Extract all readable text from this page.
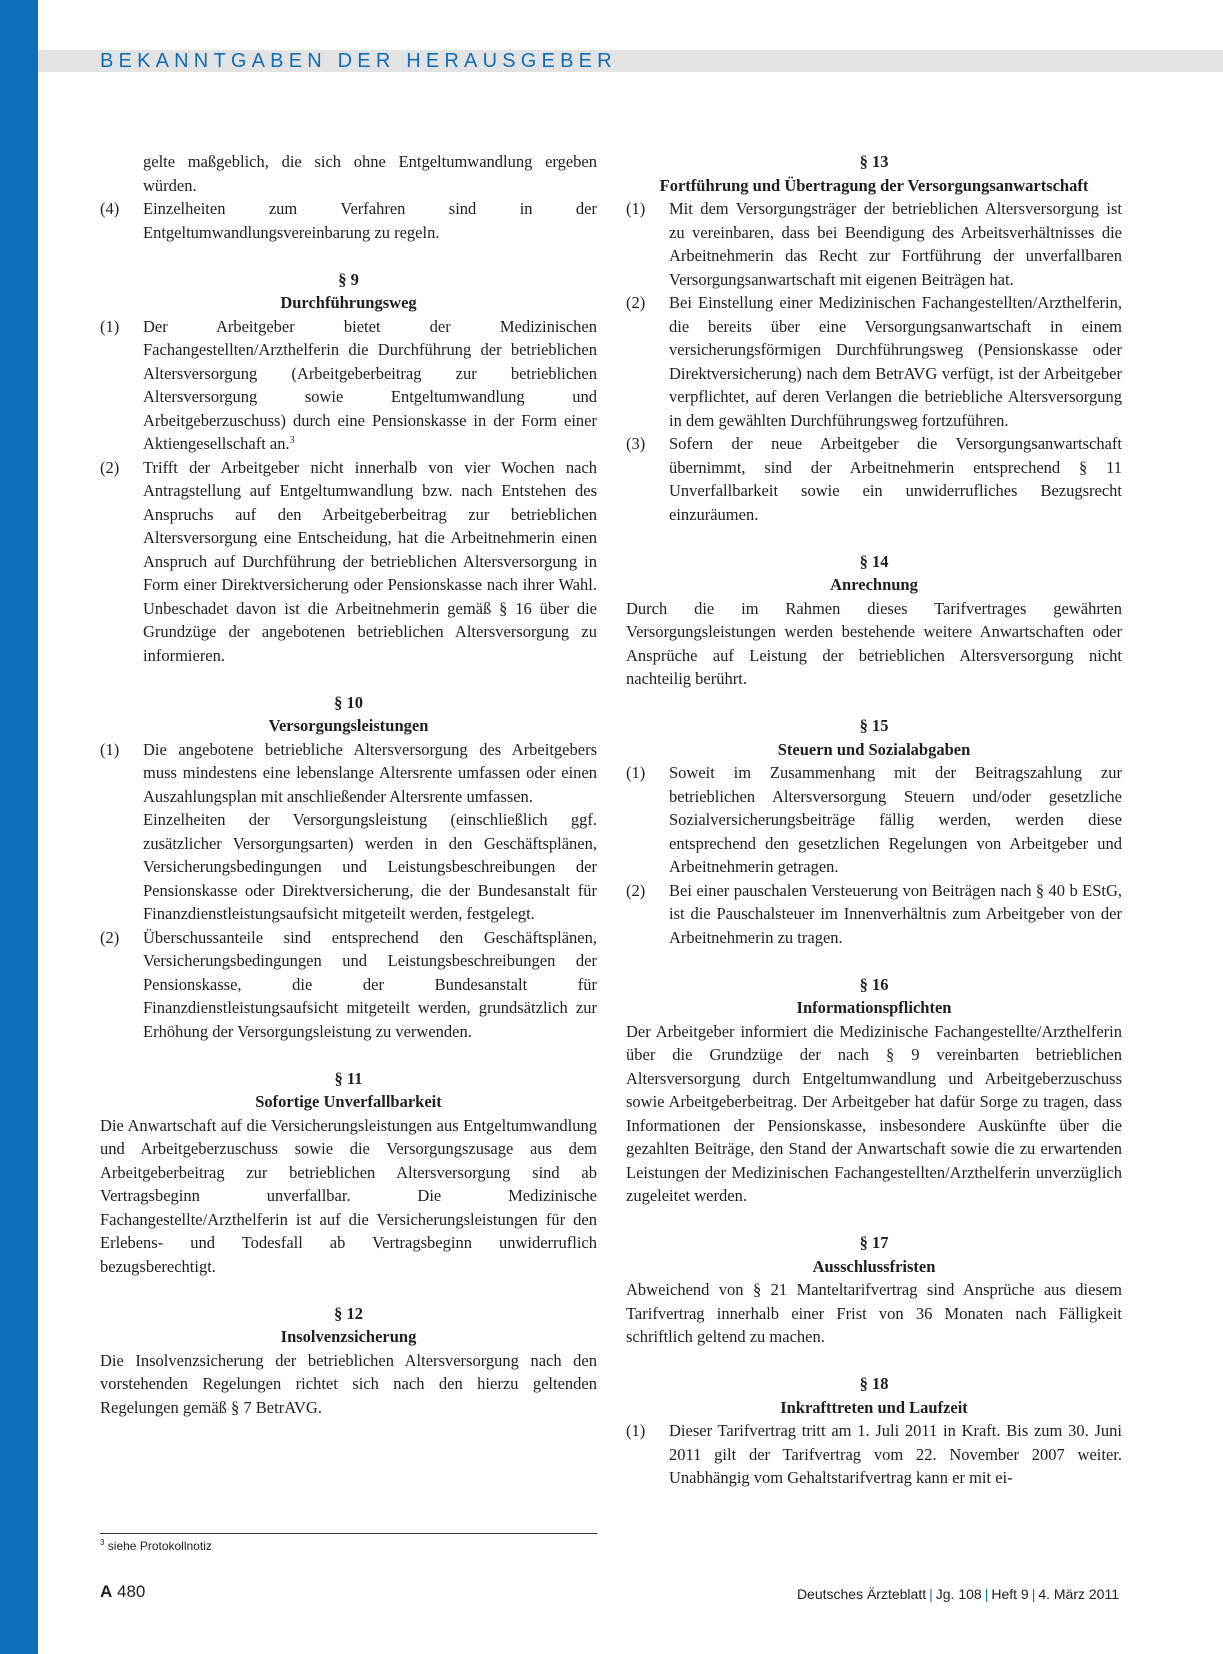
BEKANNTGABEN DER HERAUSGEBER
gelte maßgeblich, die sich ohne Entgeltumwandlung ergeben würden.
(4)	Einzelheiten zum Verfahren sind in der Entgeltumwandlungsvereinbarung zu regeln.
§ 9
Durchführungsweg
(1)	Der Arbeitgeber bietet der Medizinischen Fachangestellten/Arzthelferin die Durchführung der betrieblichen Altersversorgung (Arbeitgeberbeitrag zur betrieblichen Altersversorgung sowie Entgeltumwandlung und Arbeitgeberzuschuss) durch eine Pensionskasse in der Form einer Aktiengesellschaft an.$^3$
(2)	Trifft der Arbeitgeber nicht innerhalb von vier Wochen nach Antragstellung auf Entgeltumwandlung bzw. nach Entstehen des Anspruchs auf den Arbeitgeberbeitrag zur betrieblichen Altersversorgung eine Entscheidung, hat die Arbeitnehmerin einen Anspruch auf Durchführung der betrieblichen Altersversorgung in Form einer Direktversicherung oder Pensionskasse nach ihrer Wahl. Unbeschadet davon ist die Arbeitnehmerin gemäß § 16 über die Grundzüge der angebotenen betrieblichen Altersversorgung zu informieren.
§ 10
Versorgungsleistungen
(1)	Die angebotene betriebliche Altersversorgung des Arbeitgebers muss mindestens eine lebenslange Altersrente umfassen oder einen Auszahlungsplan mit anschließender Altersrente umfassen.
Einzelheiten der Versorgungsleistung (einschließlich ggf. zusätzlicher Versorgungsarten) werden in den Geschäftsplänen, Versicherungsbedingungen und Leistungsbeschreibungen der Pensionskasse oder Direktversicherung, die der Bundesanstalt für Finanzdienstleistungsaufsicht mitgeteilt werden, festgelegt.
(2)	Überschussanteile sind entsprechend den Geschäftsplänen, Versicherungsbedingungen und Leistungsbeschreibungen der Pensionskasse, die der Bundesanstalt für Finanzdienstleistungsaufsicht mitgeteilt werden, grundsätzlich zur Erhöhung der Versorgungsleistung zu verwenden.
§ 11
Sofortige Unverfallbarkeit
Die Anwartschaft auf die Versicherungsleistungen aus Entgeltumwandlung und Arbeitgeberzuschuss sowie die Versorgungszusage aus dem Arbeitgeberbeitrag zur betrieblichen Altersversorgung sind ab Vertragsbeginn unverfallbar. Die Medizinische Fachangestellte/Arzthelferin ist auf die Versicherungsleistungen für den Erlebens- und Todesfall ab Vertragsbeginn unwiderruflich bezugsberechtigt.
§ 12
Insolvenzsicherung
Die Insolvenzsicherung der betrieblichen Altersversorgung nach den vorstehenden Regelungen richtet sich nach den hierzu geltenden Regelungen gemäß § 7 BetrAVG.
§ 13
Fortführung und Übertragung der Versorgungsanwartschaft
(1)	Mit dem Versorgungsträger der betrieblichen Altersversorgung ist zu vereinbaren, dass bei Beendigung des Arbeitsverhältnisses die Arbeitnehmerin das Recht zur Fortführung der unverfallbaren Versorgungsanwartschaft mit eigenen Beiträgen hat.
(2)	Bei Einstellung einer Medizinischen Fachangestellten/Arzthelferin, die bereits über eine Versorgungsanwartschaft in einem versicherungsförmigen Durchführungsweg (Pensionskasse oder Direktversicherung) nach dem BetrAVG verfügt, ist der Arbeitgeber verpflichtet, auf deren Verlangen die betriebliche Altersversorgung in dem gewählten Durchführungsweg fortzuführen.
(3)	Sofern der neue Arbeitgeber die Versorgungsanwartschaft übernimmt, sind der Arbeitnehmerin entsprechend § 11 Unverfallbarkeit sowie ein unwiderrufliches Bezugsrecht einzuräumen.
§ 14
Anrechnung
Durch die im Rahmen dieses Tarifvertrages gewährten Versorgungsleistungen werden bestehende weitere Anwartschaften oder Ansprüche auf Leistung der betrieblichen Altersversorgung nicht nachteilig berührt.
§ 15
Steuern und Sozialabgaben
(1)	Soweit im Zusammenhang mit der Beitragszahlung zur betrieblichen Altersversorgung Steuern und/oder gesetzliche Sozialversicherungsbeiträge fällig werden, werden diese entsprechend den gesetzlichen Regelungen von Arbeitgeber und Arbeitnehmerin getragen.
(2)	Bei einer pauschalen Versteuerung von Beiträgen nach § 40 b EStG, ist die Pauschalsteuer im Innenverhältnis zum Arbeitgeber von der Arbeitnehmerin zu tragen.
§ 16
Informationspflichten
Der Arbeitgeber informiert die Medizinische Fachangestellte/Arzthelferin über die Grundzüge der nach § 9 vereinbarten betrieblichen Altersversorgung durch Entgeltumwandlung und Arbeitgeberzuschuss sowie Arbeitgeberbeitrag. Der Arbeitgeber hat dafür Sorge zu tragen, dass Informationen der Pensionskasse, insbesondere Auskünfte über die gezahlten Beiträge, den Stand der Anwartschaft sowie die zu erwartenden Leistungen der Medizinischen Fachangestellten/Arzthelferin unverzüglich zugeleitet werden.
§ 17
Ausschlussfristen
Abweichend von § 21 Manteltarifvertrag sind Ansprüche aus diesem Tarifvertrag innerhalb einer Frist von 36 Monaten nach Fälligkeit schriftlich geltend zu machen.
§ 18
Inkrafttreten und Laufzeit
(1)	Dieser Tarifvertrag tritt am 1. Juli 2011 in Kraft. Bis zum 30. Juni 2011 gilt der Tarifvertrag vom 22. November 2007 weiter. Unabhängig vom Gehaltstarifvertrag kann er mit ei-
$^3$ siehe Protokollnotiz
A 480	Deutsches Ärzteblatt | Jg. 108 | Heft 9 | 4. März 2011
